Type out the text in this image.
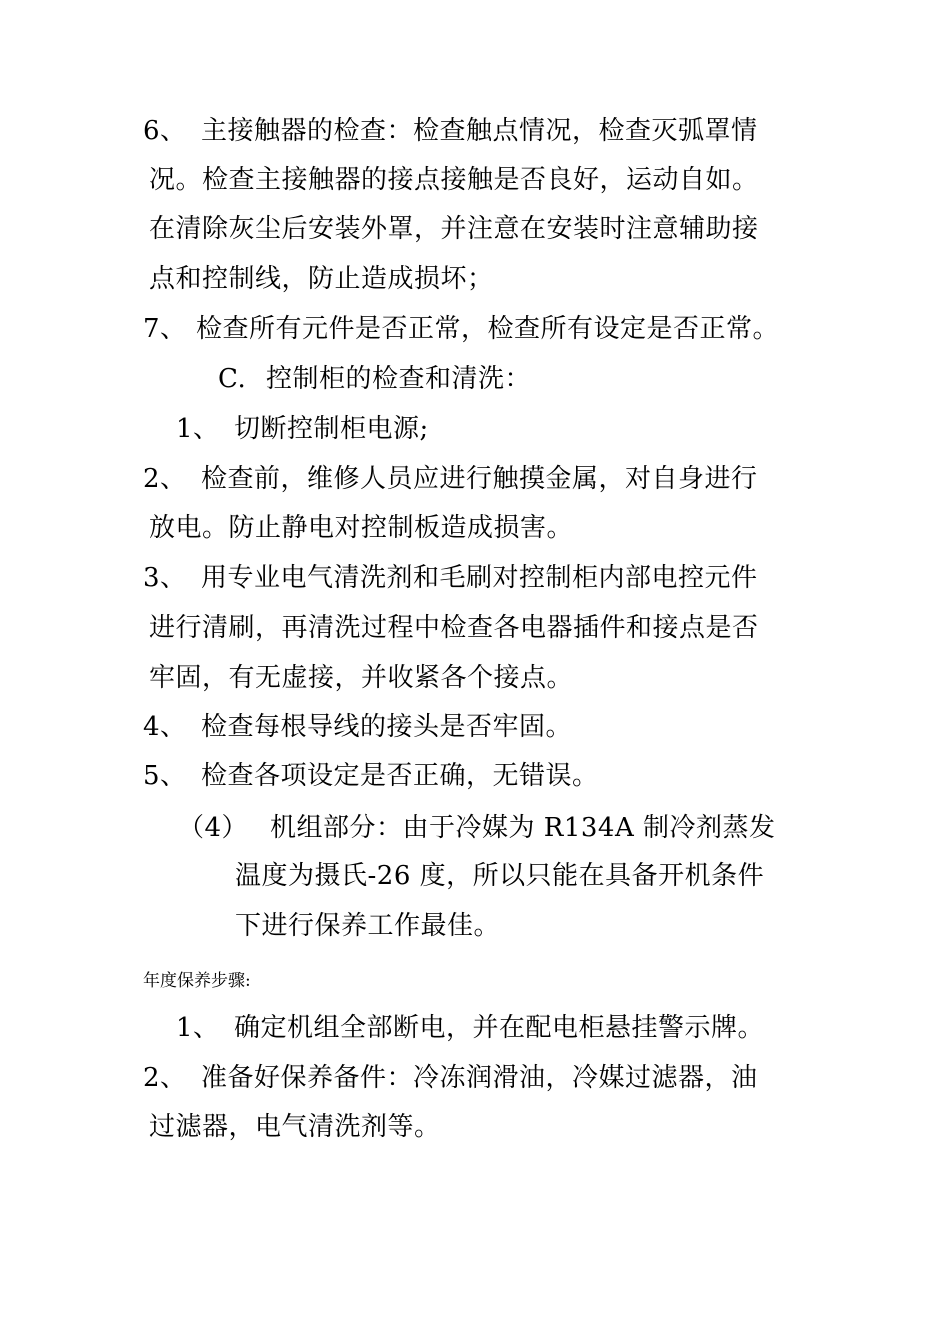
6、 主接触器的检查：检查触点情况，检查灭弧罩情
况。检查主接触器的接点接触是否良好，运动自如。
在清除灰尘后安装外罩，并注意在安装时注意辅助接
点和控制线，防止造成损坏；
7、 检查所有元件是否正常，检查所有设定是否正常。
C. 控制柜的检查和清洗：
1、 切断控制柜电源;
2、 检查前，维修人员应进行触摸金属，对自身进行
放电。防止静电对控制板造成损害。
3、 用专业电气清洗剂和毛刷对控制柜内部电控元件
进行清刷，再清洗过程中检查各电器插件和接点是否
牢固，有无虚接，并收紧各个接点。
4、 检查每根导线的接头是否牢固。
5、 检查各项设定是否正确，无错误。
（4） 机组部分：由于冷媒为 R134A 制冷剂蒸发
温度为摄氏-26 度，所以只能在具备开机条件
下进行保养工作最佳。
年度保养步骤:
1、 确定机组全部断电，并在配电柜悬挂警示牌。
2、 准备好保养备件：冷冻润滑油，冷媒过滤器，油
过滤器，电气清洗剂等。
